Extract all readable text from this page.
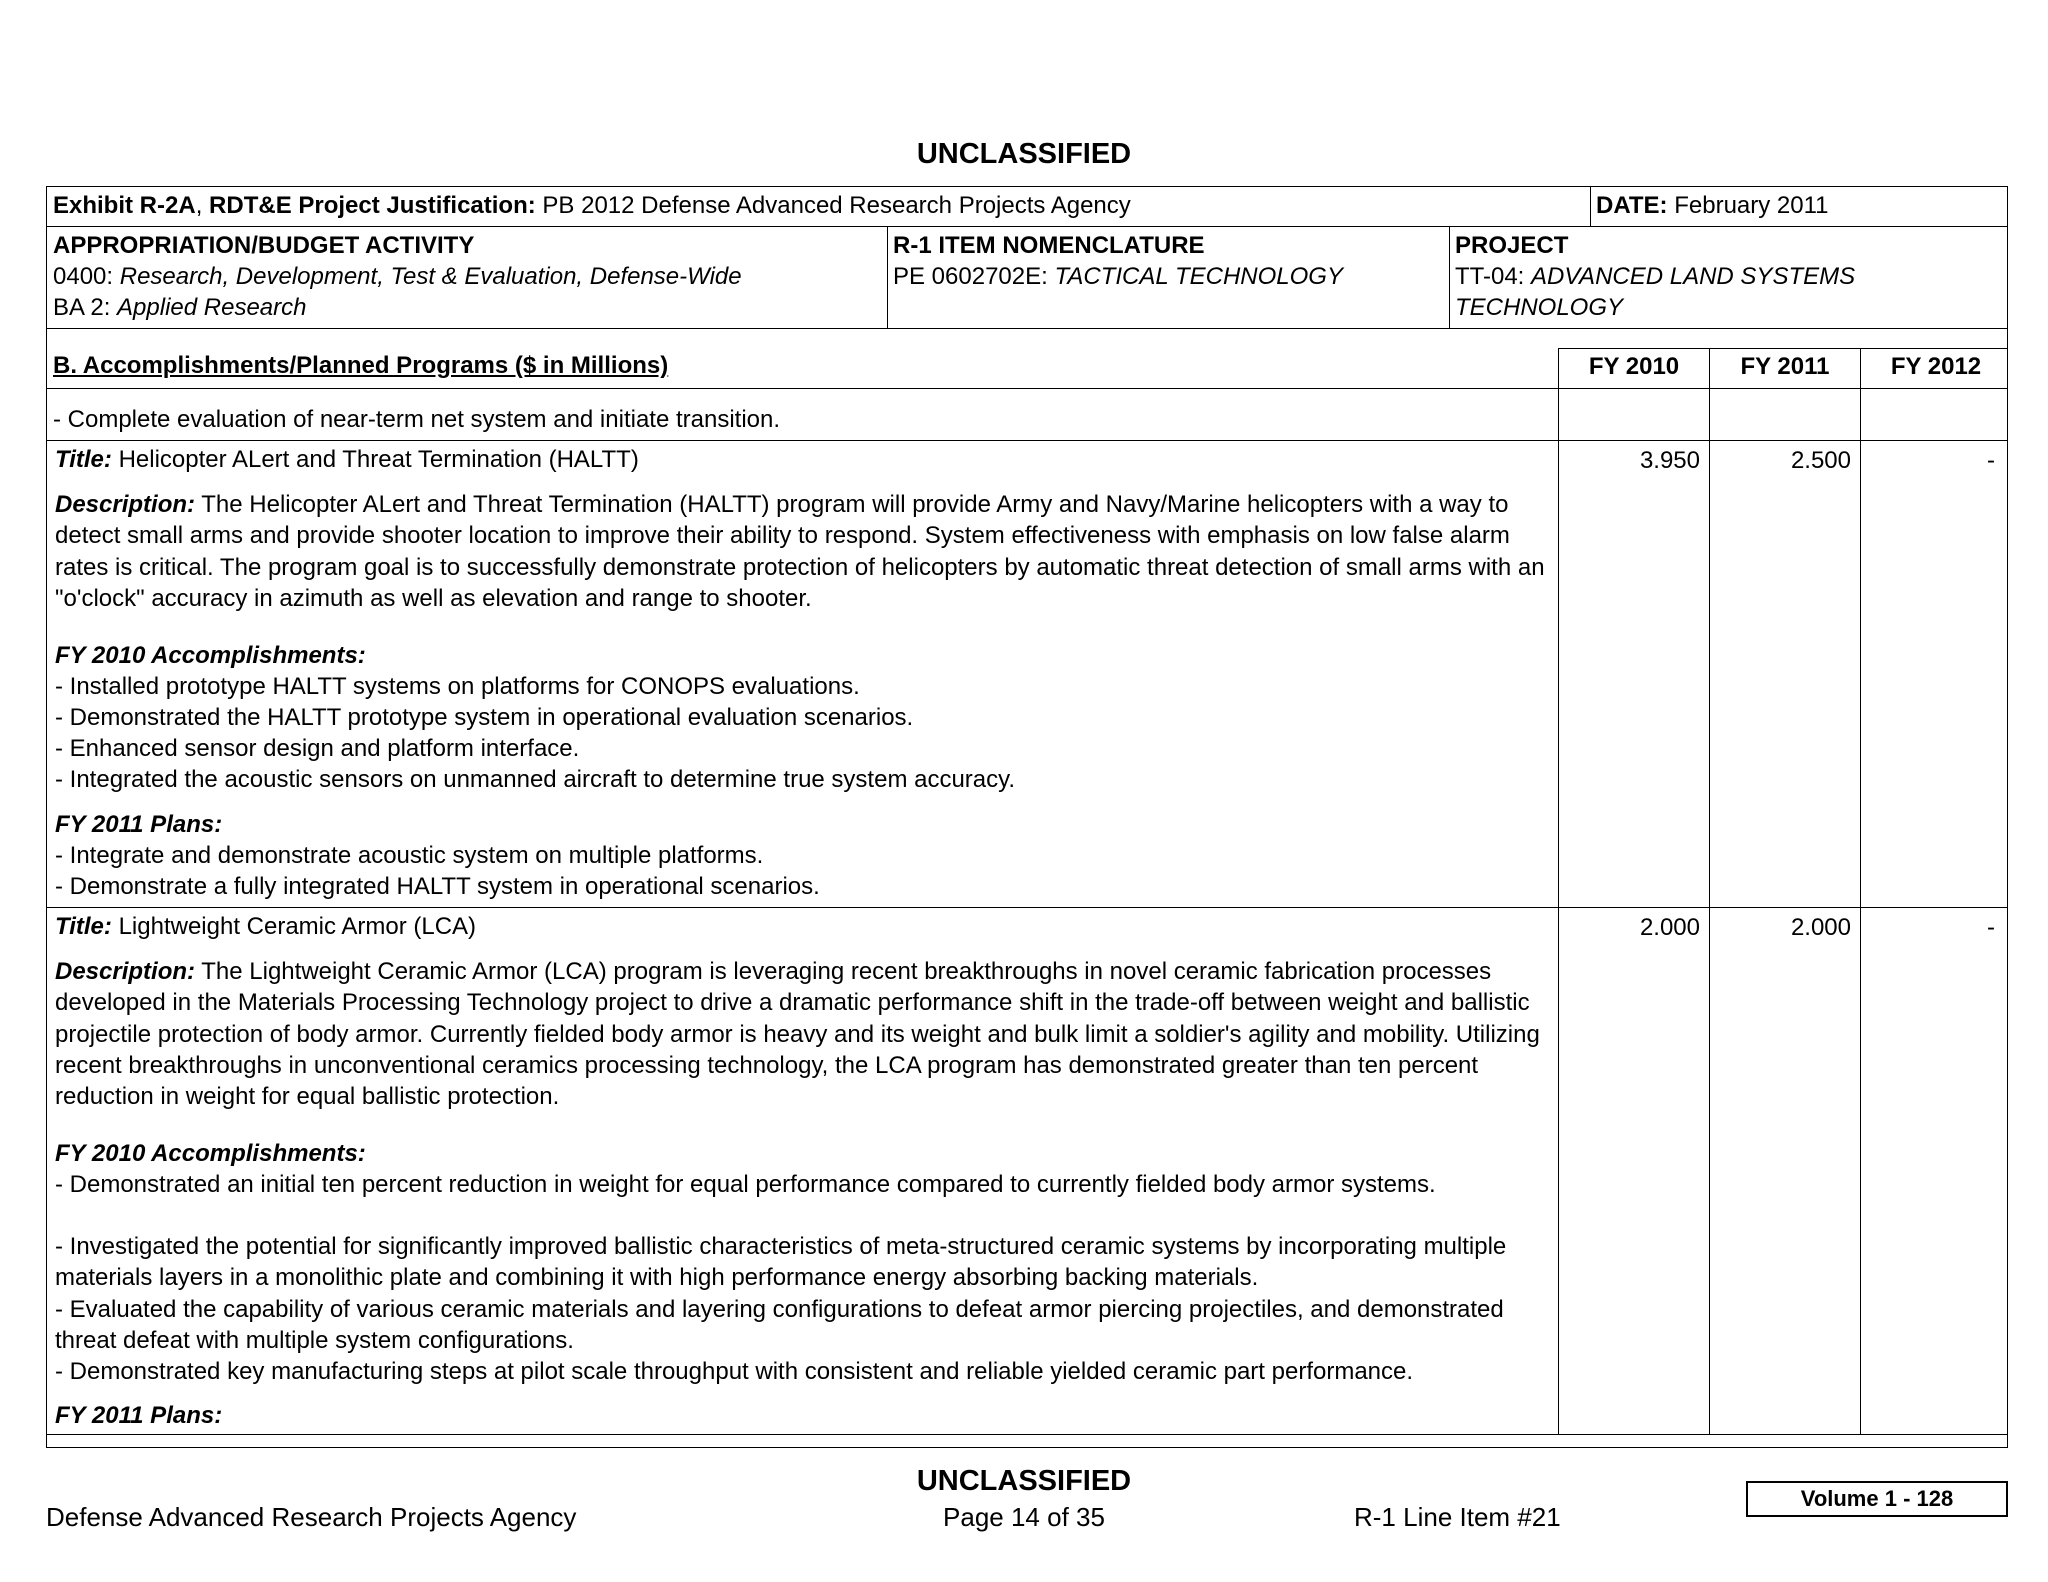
UNCLASSIFIED
Exhibit R-2A, RDT&E Project Justification: PB 2012 Defense Advanced Research Projects Agency	DATE: February 2011
APPROPRIATION/BUDGET ACTIVITY
0400: Research, Development, Test & Evaluation, Defense-Wide
BA 2: Applied Research
R-1 ITEM NOMENCLATURE
PE 0602702E: TACTICAL TECHNOLOGY
PROJECT
TT-04: ADVANCED LAND SYSTEMS
TECHNOLOGY
B. Accomplishments/Planned Programs ($ in Millions)	FY 2010	FY 2011	FY 2012
- Complete evaluation of near-term net system and initiate transition.
Title: Helicopter ALert and Threat Termination (HALTT)	3.950	2.500	-
Description: The Helicopter ALert and Threat Termination (HALTT) program will provide Army and Navy/Marine helicopters with a way to detect small arms and provide shooter location to improve their ability to respond. System effectiveness with emphasis on low false alarm rates is critical. The program goal is to successfully demonstrate protection of helicopters by automatic threat detection of small arms with an "o'clock" accuracy in azimuth as well as elevation and range to shooter.
FY 2010 Accomplishments:
- Installed prototype HALTT systems on platforms for CONOPS evaluations.
- Demonstrated the HALTT prototype system in operational evaluation scenarios.
- Enhanced sensor design and platform interface.
- Integrated the acoustic sensors on unmanned aircraft to determine true system accuracy.
FY 2011 Plans:
- Integrate and demonstrate acoustic system on multiple platforms.
- Demonstrate a fully integrated HALTT system in operational scenarios.
Title: Lightweight Ceramic Armor (LCA)	2.000	2.000	-
Description: The Lightweight Ceramic Armor (LCA) program is leveraging recent breakthroughs in novel ceramic fabrication processes developed in the Materials Processing Technology project to drive a dramatic performance shift in the trade-off between weight and ballistic projectile protection of body armor. Currently fielded body armor is heavy and its weight and bulk limit a soldier's agility and mobility. Utilizing recent breakthroughs in unconventional ceramics processing technology, the LCA program has demonstrated greater than ten percent reduction in weight for equal ballistic protection.
FY 2010 Accomplishments:
- Demonstrated an initial ten percent reduction in weight for equal performance compared to currently fielded body armor systems.
- Investigated the potential for significantly improved ballistic characteristics of meta-structured ceramic systems by incorporating multiple materials layers in a monolithic plate and combining it with high performance energy absorbing backing materials.
- Evaluated the capability of various ceramic materials and layering configurations to defeat armor piercing projectiles, and demonstrated threat defeat with multiple system configurations.
- Demonstrated key manufacturing steps at pilot scale throughput with consistent and reliable yielded ceramic part performance.
FY 2011 Plans:
UNCLASSIFIED
Defense Advanced Research Projects Agency	Page 14 of 35	R-1 Line Item #21
Volume 1 - 128
